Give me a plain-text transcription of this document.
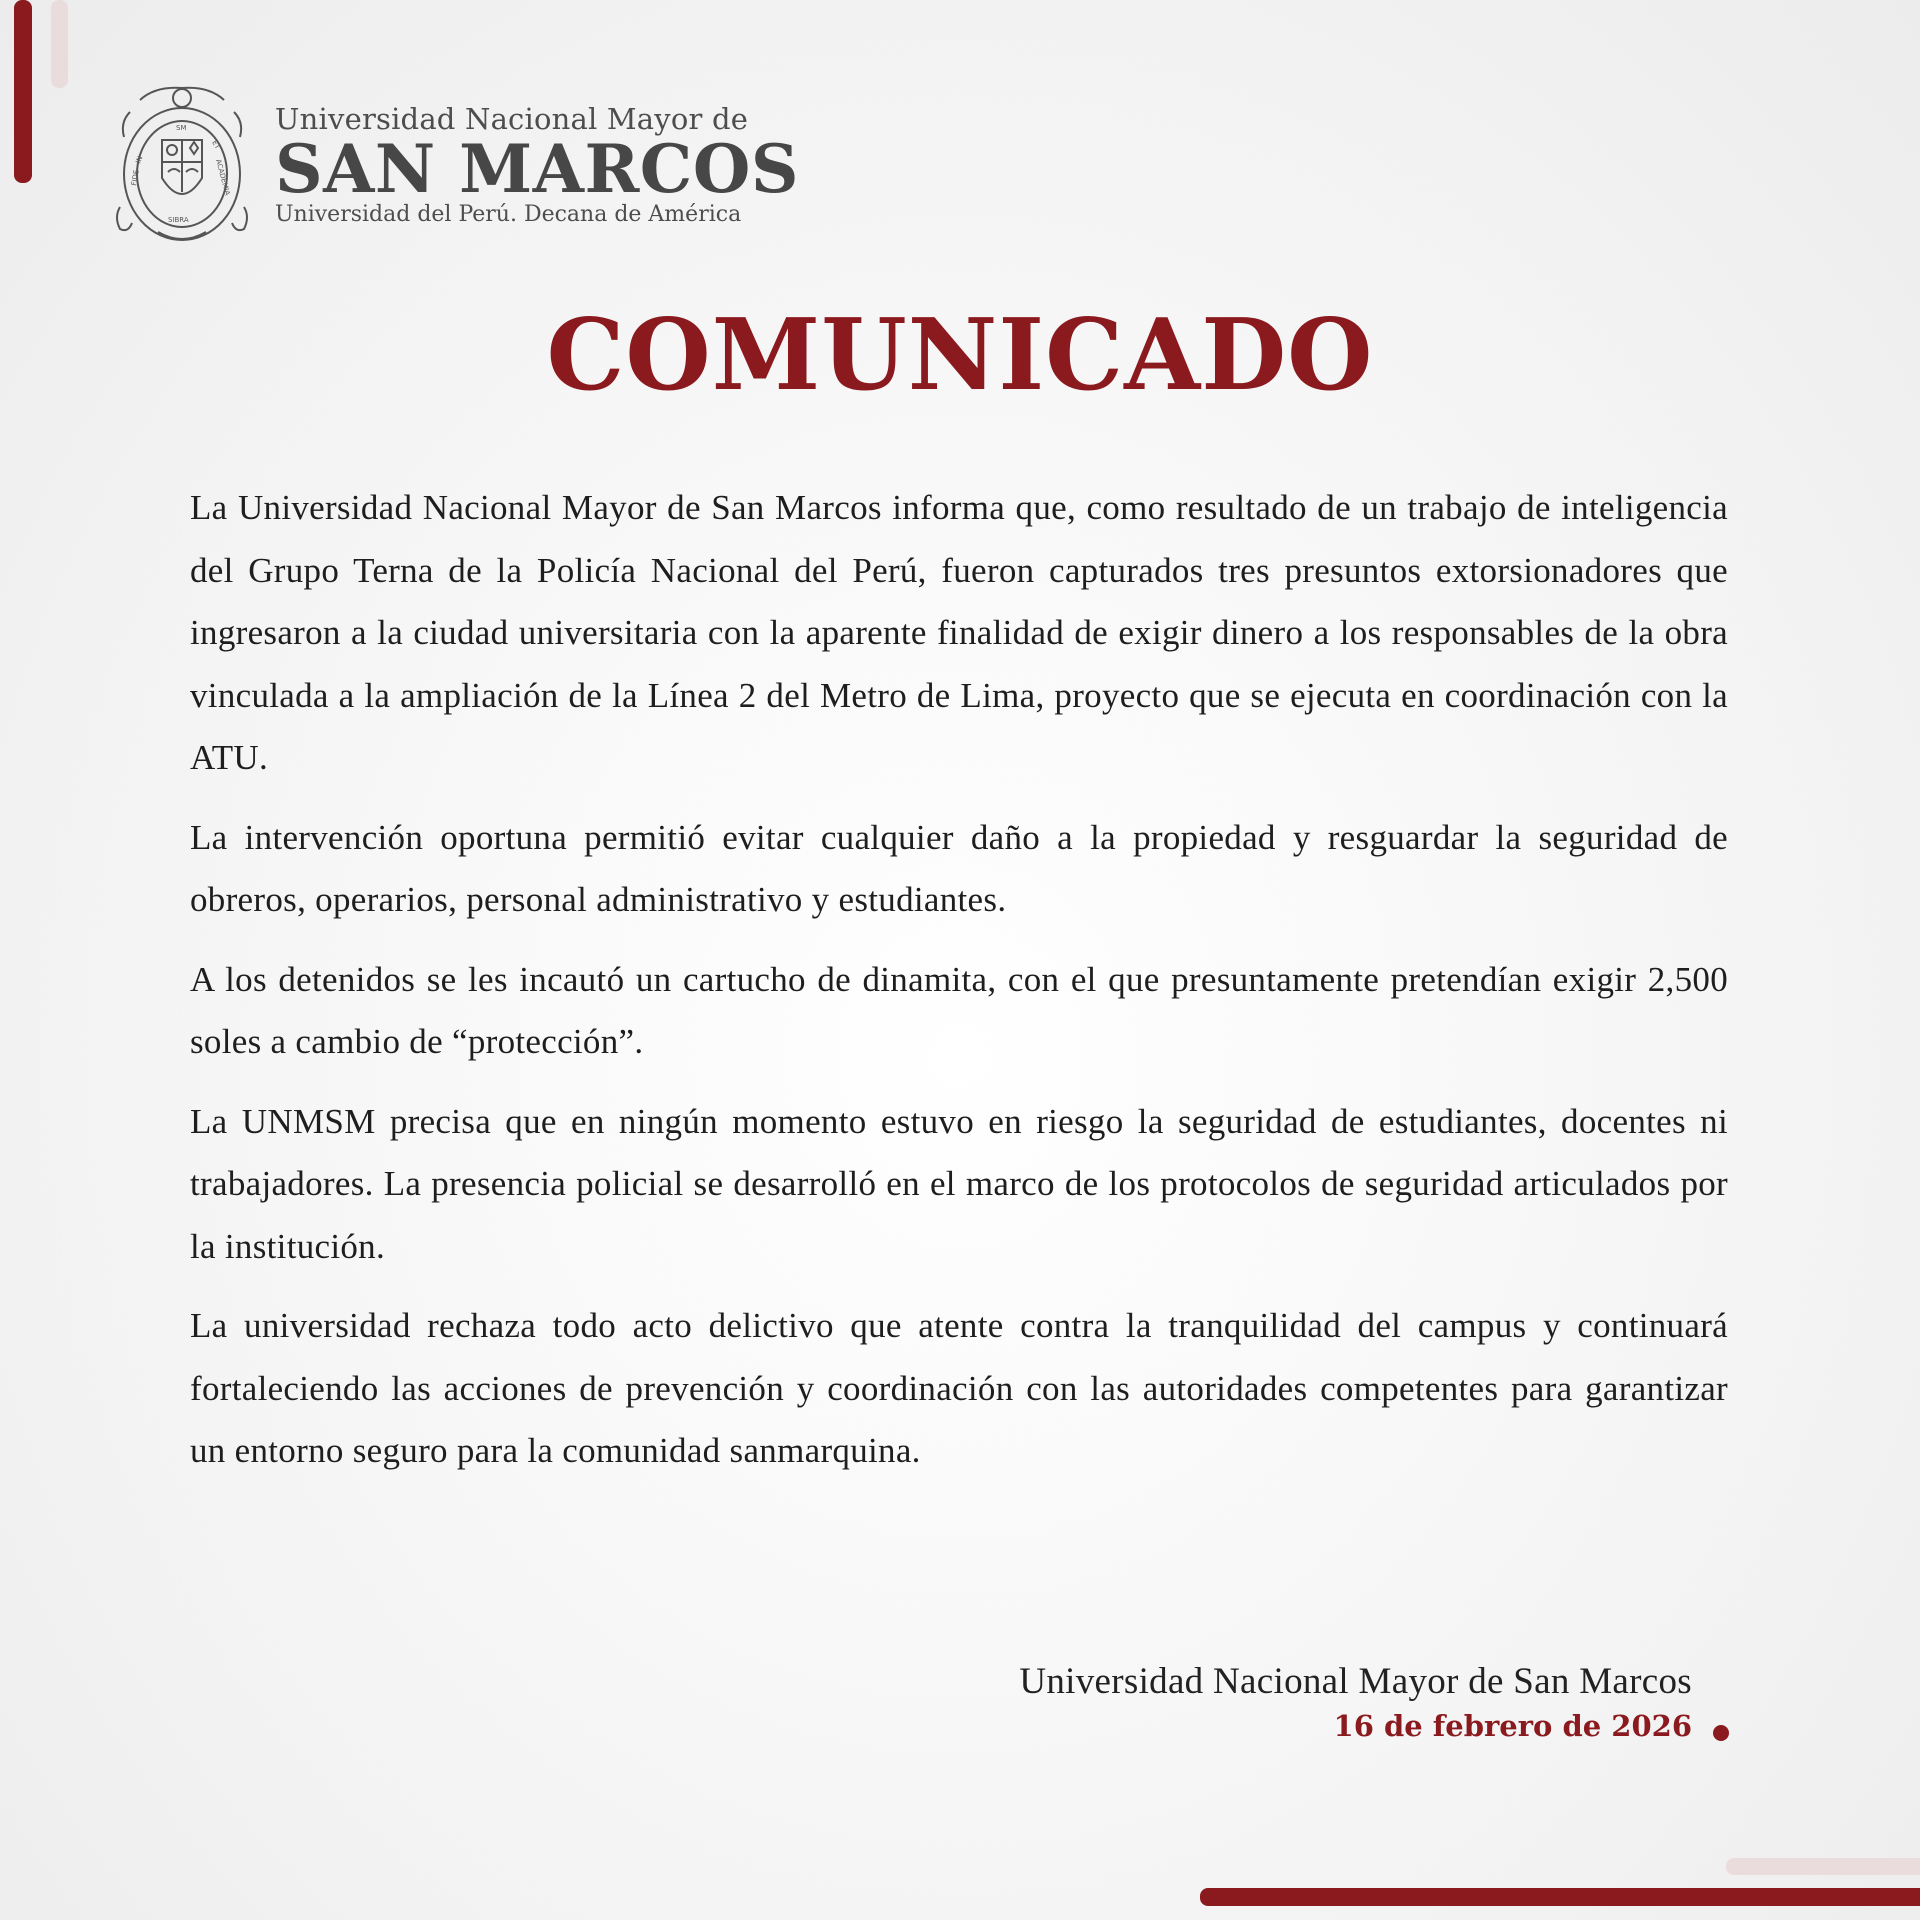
IN
FIDE
ET
ACADEMIA
SIBRA
SM	Universidad Nacional Mayor de
SAN MARCOS
Universidad del Perú. Decana de América
COMUNICADO

La Universidad Nacional Mayor de San Marcos informa que, como resultado de un trabajo de inteligencia del Grupo Terna de la Policía Nacional del Perú, fueron capturados tres presuntos extorsionadores que ingresaron a la ciudad universitaria con la aparente finalidad de exigir dinero a los responsables de la obra vinculada a la ampliación de la Línea 2 del Metro de Lima, proyecto que se ejecuta en coordinación con la ATU.

La intervención oportuna permitió evitar cualquier daño a la propiedad y resguardar la seguridad de obreros, operarios, personal administrativo y estudiantes.

A los detenidos se les incautó un cartucho de dinamita, con el que presuntamente pretendían exigir 2,500 soles a cambio de “protección”.

La UNMSM precisa que en ningún momento estuvo en riesgo la seguridad de estudiantes, docentes ni trabajadores. La presencia policial se desarrolló en el marco de los protocolos de seguridad articulados por la institución.

La universidad rechaza todo acto delictivo que atente contra la tranquilidad del campus y continuará fortaleciendo las acciones de prevención y coordinación con las autoridades competentes para garantizar un entorno seguro para la comunidad sanmarquina.

Universidad Nacional Mayor de San Marcos
16 de febrero de 2026
